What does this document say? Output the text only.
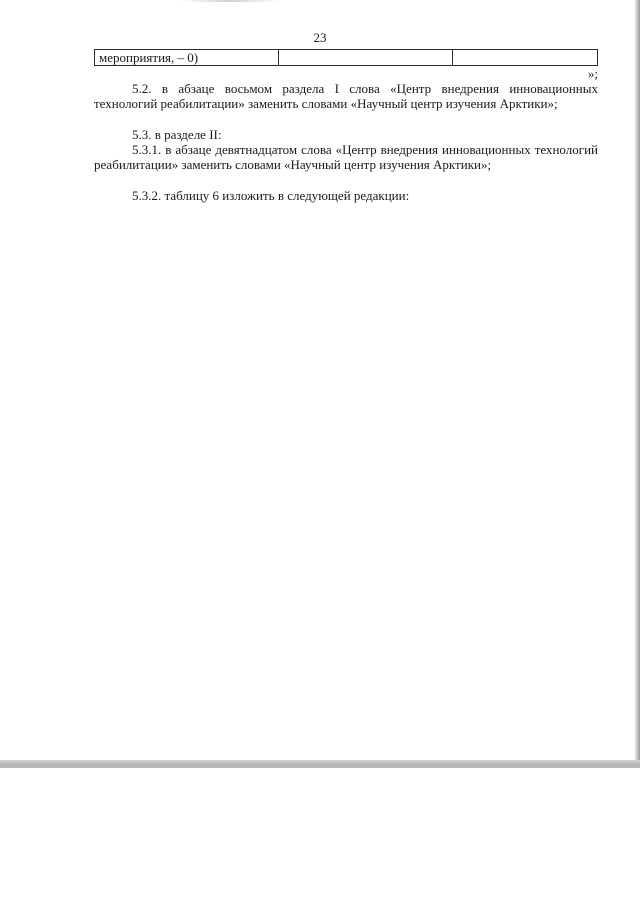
23
мероприятия, – 0)
»;

5.2. в абзаце восьмом раздела I слова «Центр внедрения инновационных технологий реабилитации» заменить словами «Научный центр изучения Арктики»;

5.3. в разделе II:

5.3.1. в абзаце девятнадцатом слова «Центр внедрения инновационных технологий реабилитации» заменить словами «Научный центр изучения Арктики»;

5.3.2. таблицу 6 изложить в следующей редакции:
